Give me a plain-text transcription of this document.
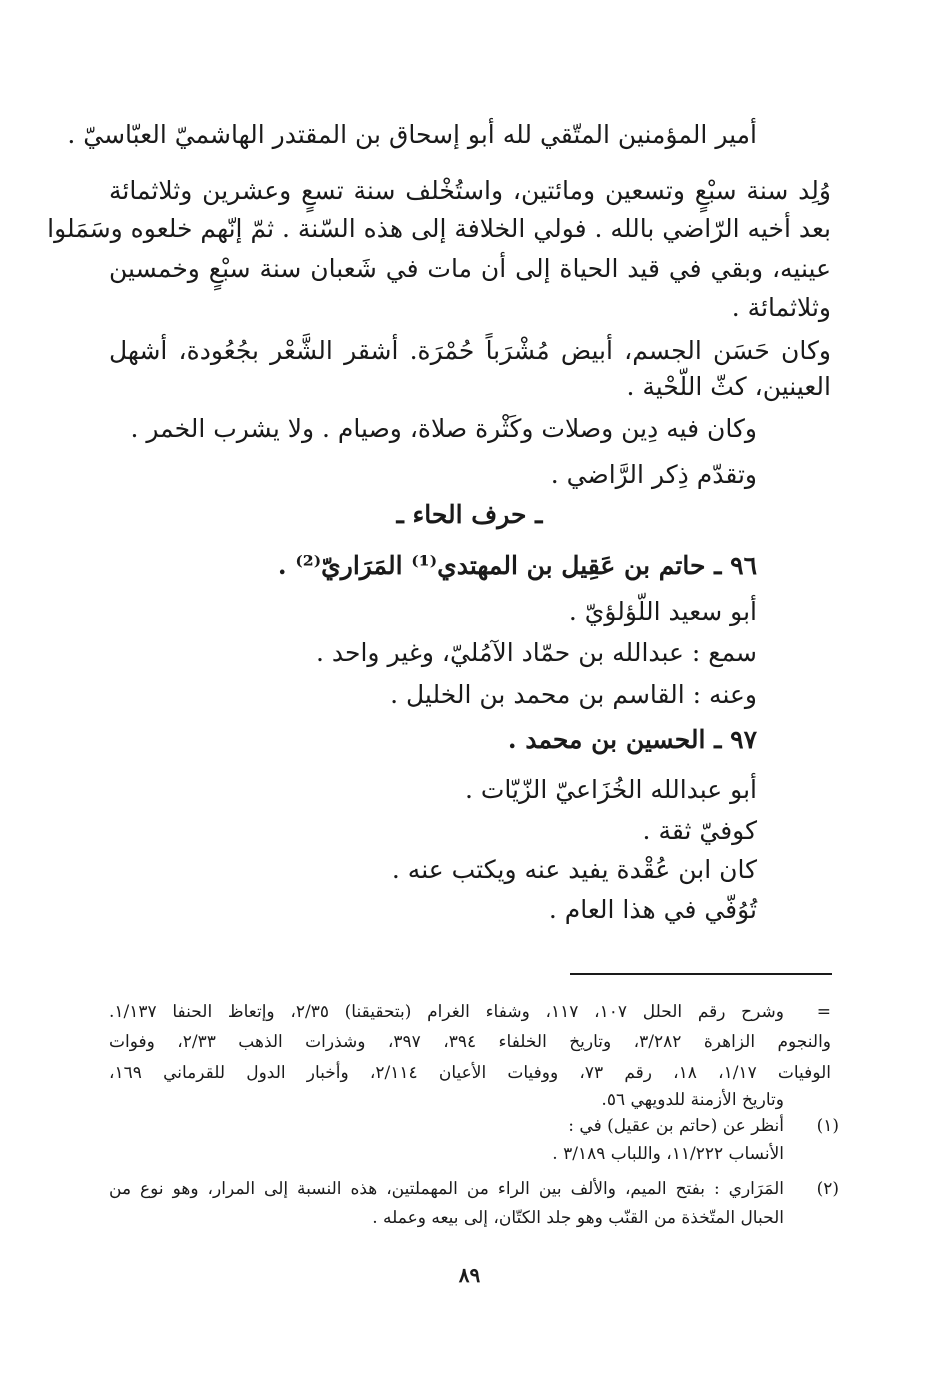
أمير المؤمنين المتّقي لله أبو إسحاق بن المقتدر الهاشميّ العبّاسيّ .
وُلِد سنة سبْعٍ وتسعين ومائتين، واستُخْلف سنة تسعٍ وعشرين وثلاثمائة
بعد أخيه الرّاضي بالله . فولي الخلافة إلى هذه السّنة . ثمّ إنّهم خلعوه وسَمَلوا
عينيه، وبقي في قيد الحياة إلى أن مات في شَعبان سنة سبْعٍ وخمسين
وثلاثمائة .
وكان حَسَن الجسم، أبيض مُشْرَباً حُمْرَة. أشقر الشَّعْر بجُعُودة، أشهل
العينين، كثّ اللّحْية .
وكان فيه دِين وصلات وكَثْرة صلاة، وصيام . ولا يشرب الخمر .
وتقدّم ذِكر الرَّاضي .
ـ حرف الحاء ـ
٩٦ ـ حاتم بن عَقِيل بن المهتدي⁽¹⁾ المَرَاريّ⁽²⁾ .
أبو سعيد اللّؤلؤيّ .
سمع : عبدالله بن حمّاد الآمُليّ، وغير واحد .
وعنه : القاسم بن محمد بن الخليل .
٩٧ ـ الحسين بن محمد .
أبو عبدالله الخُزَاعيّ الزّيّات .
كوفيّ ثقة .
كان ابن عُقْدة يفيد عنه ويكتب عنه .
تُوُفّي في هذا العام .
=
وشرح رقم الحلل ١٠٧، ١١٧، وشفاء الغرام (بتحقيقنا) ٢/٣٥، وإتعاظ الحنفا ١/١٣٧.
والنجوم الزاهرة ٣/٢٨٢، وتاريخ الخلفاء ٣٩٤، ٣٩٧، وشذرات الذهب ٢/٣٣، وفوات
الوفيات ١/١٧، ١٨، رقم ٧٣، ووفيات الأعيان ٢/١١٤، وأخبار الدول للقرماني ١٦٩،
وتاريخ الأزمنة للدويهي ٥٦.
(١)
أنظر عن (حاتم بن عقيل) في :
الأنساب ١١/٢٢٢، واللباب ٣/١٨٩ .
(٢)
المَرَاري : بفتح الميم، والألف بين الراء من المهملتين، هذه النسبة إلى المرار، وهو نوع من
الحبال المتّخذة من القنّب وهو جلد الكتّان، إلى بيعه وعمله .
٨٩
